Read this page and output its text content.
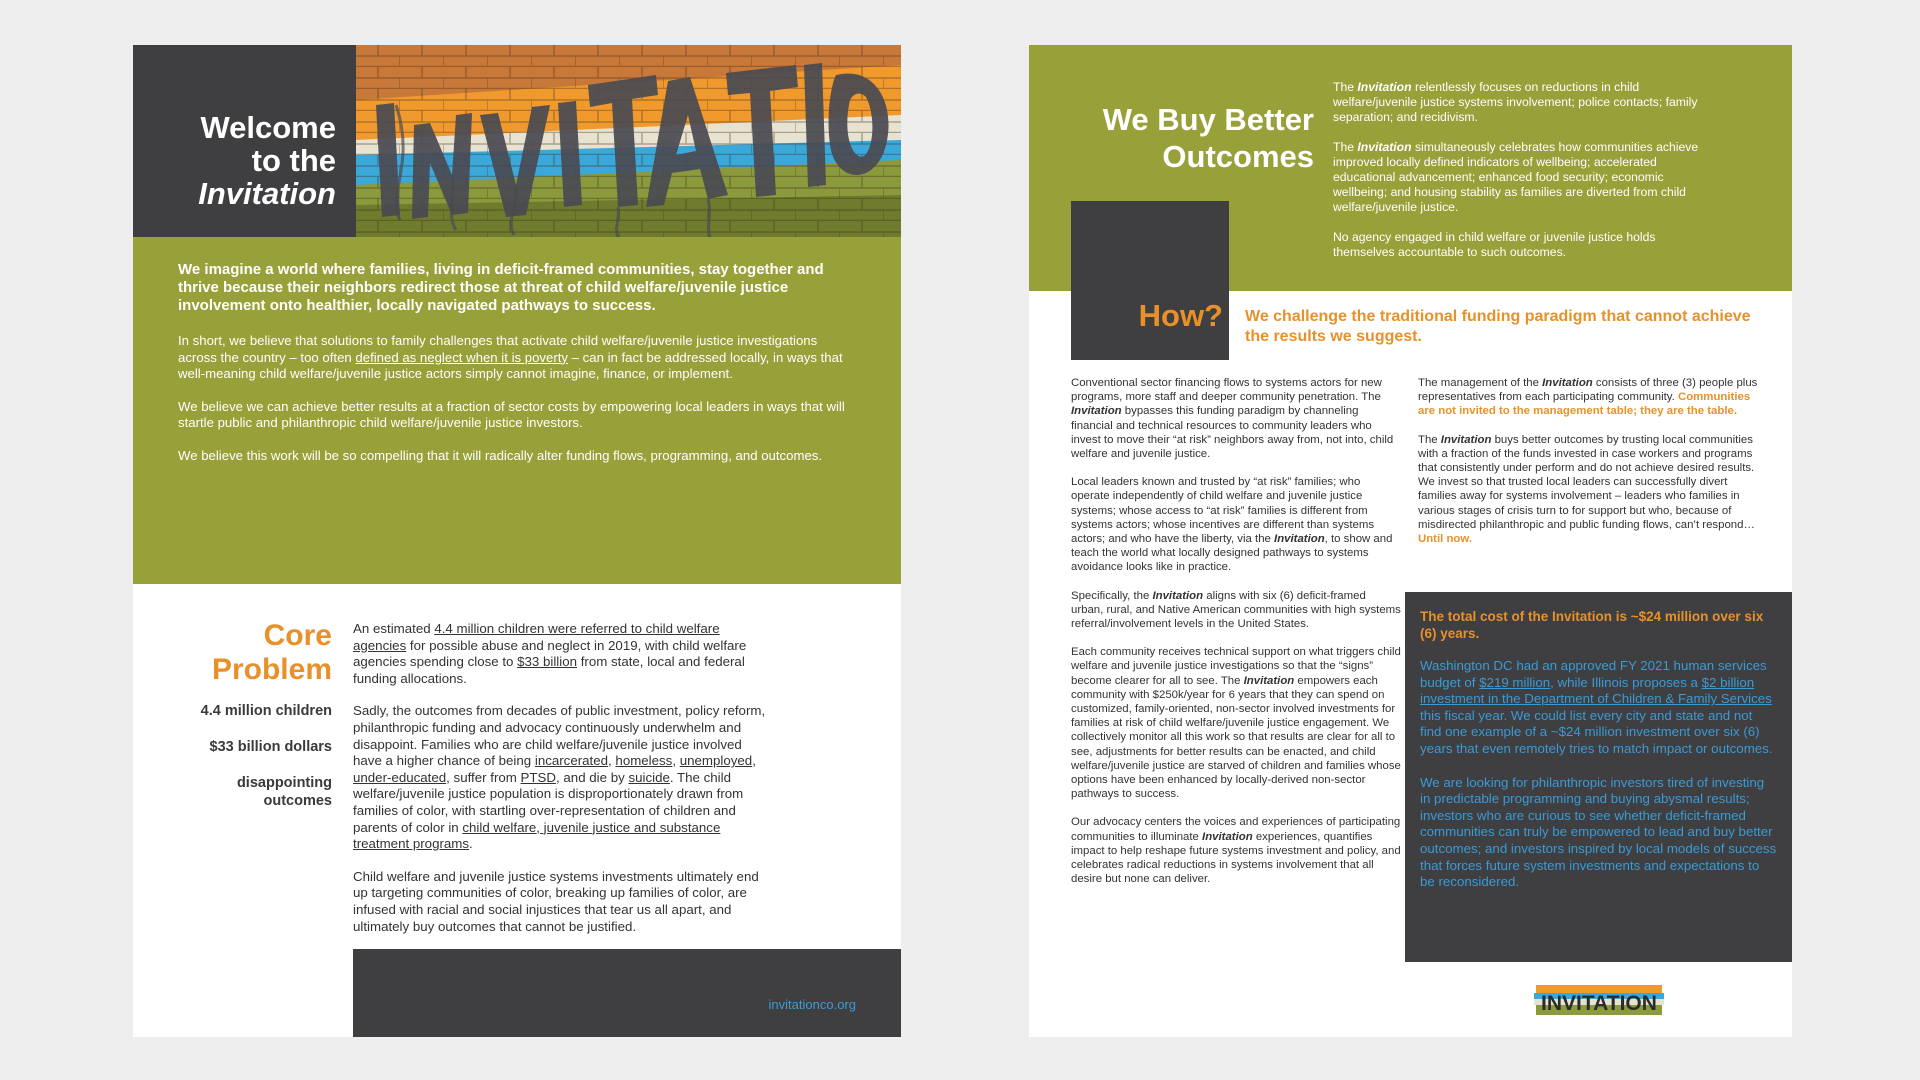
Welcome
to the
Invitation
INVITATION

We imagine a world where families, living in deficit-framed communities, stay together and thrive because their neighbors redirect those at threat of child welfare/juvenile justice involvement onto healthier, locally navigated pathways to success.

In short, we believe that solutions to family challenges that activate child welfare/juvenile justice investigations across the country – too often defined as neglect when it is poverty – can in fact be addressed locally, in ways that well-meaning child welfare/juvenile justice actors simply cannot imagine, finance, or implement.

We believe we can achieve better results at a fraction of sector costs by empowering local leaders in ways that will startle public and philanthropic child welfare/juvenile justice investors.

We believe this work will be so compelling that it will radically alter funding flows, programming, and outcomes.

Core
Problem
4.4 million children
$33 billion dollars
disappointing
outcomes

An estimated 4.4 million children were referred to child welfare agencies for possible abuse and neglect in 2019, with child welfare agencies spending close to $33 billion from state, local and federal funding allocations.

Sadly, the outcomes from decades of public investment, policy reform, philanthropic funding and advocacy continuously underwhelm and disappoint. Families who are child welfare/juvenile justice involved have a higher chance of being incarcerated, homeless, unemployed, under-educated, suffer from PTSD, and die by suicide. The child welfare/juvenile justice population is disproportionately drawn from families of color, with startling over-representation of children and parents of color in child welfare, juvenile justice and substance treatment programs.

Child welfare and juvenile justice systems investments ultimately end up targeting communities of color, breaking up families of color, are infused with racial and social injustices that tear us all apart, and ultimately buy outcomes that cannot be justified.

invitationco.org
We Buy Better
Outcomes

The Invitation relentlessly focuses on reductions in child welfare/juvenile justice systems involvement; police contacts; family separation; and recidivism.

The Invitation simultaneously celebrates how communities achieve improved locally defined indicators of wellbeing; accelerated educational advancement; enhanced food security; economic wellbeing; and housing stability as families are diverted from child welfare/juvenile justice.

No agency engaged in child welfare or juvenile justice holds themselves accountable to such outcomes.

How?	We challenge the traditional funding paradigm that cannot achieve the results we suggest.

Conventional sector financing flows to systems actors for new programs, more staff and deeper community penetration. The Invitation bypasses this funding paradigm by channeling financial and technical resources to community leaders who invest to move their “at risk” neighbors away from, not into, child welfare and juvenile justice.

Local leaders known and trusted by “at risk” families; who operate independently of child welfare and juvenile justice systems; whose access to “at risk” families is different from systems actors; whose incentives are different than systems actors; and who have the liberty, via the Invitation, to show and teach the world what locally designed pathways to systems avoidance looks like in practice.

Specifically, the Invitation aligns with six (6) deficit-framed urban, rural, and Native American communities with high systems referral/involvement levels in the United States.

Each community receives technical support on what triggers child welfare and juvenile justice investigations so that the “signs” become clearer for all to see. The Invitation empowers each community with $250k/year for 6 years that they can spend on customized, family-oriented, non-sector involved investments for families at risk of child welfare/juvenile justice engagement. We collectively monitor all this work so that results are clear for all to see, adjustments for better results can be enacted, and child welfare/juvenile justice are starved of children and families whose options have been enhanced by locally-derived non-sector pathways to success.

Our advocacy centers the voices and experiences of participating communities to illuminate Invitation experiences, quantifies impact to help reshape future systems investment and policy, and celebrates radical reductions in systems involvement that all desire but none can deliver.

The management of the Invitation consists of three (3) people plus representatives from each participating community. Communities are not invited to the management table; they are the table.

The Invitation buys better outcomes by trusting local communities with a fraction of the funds invested in case workers and programs that consistently under perform and do not achieve desired results. We invest so that trusted local leaders can successfully divert families away for systems involvement – leaders who families in various stages of crisis turn to for support but who, because of misdirected philanthropic and public funding flows, can’t respond… Until now.

The total cost of the Invitation is ~$24 million over six (6) years.

Washington DC had an approved FY 2021 human services budget of $219 million, while Illinois proposes a $2 billion investment in the Department of Children & Family Services this fiscal year. We could list every city and state and not find one example of a ~$24 million investment over six (6) years that even remotely tries to match impact or outcomes.

We are looking for philanthropic investors tired of investing in predictable programming and buying abysmal results; investors who are curious to see whether deficit-framed communities can truly be empowered to lead and buy better outcomes; and investors inspired by local models of success that forces future system investments and expectations to be reconsidered.

INVITATION
